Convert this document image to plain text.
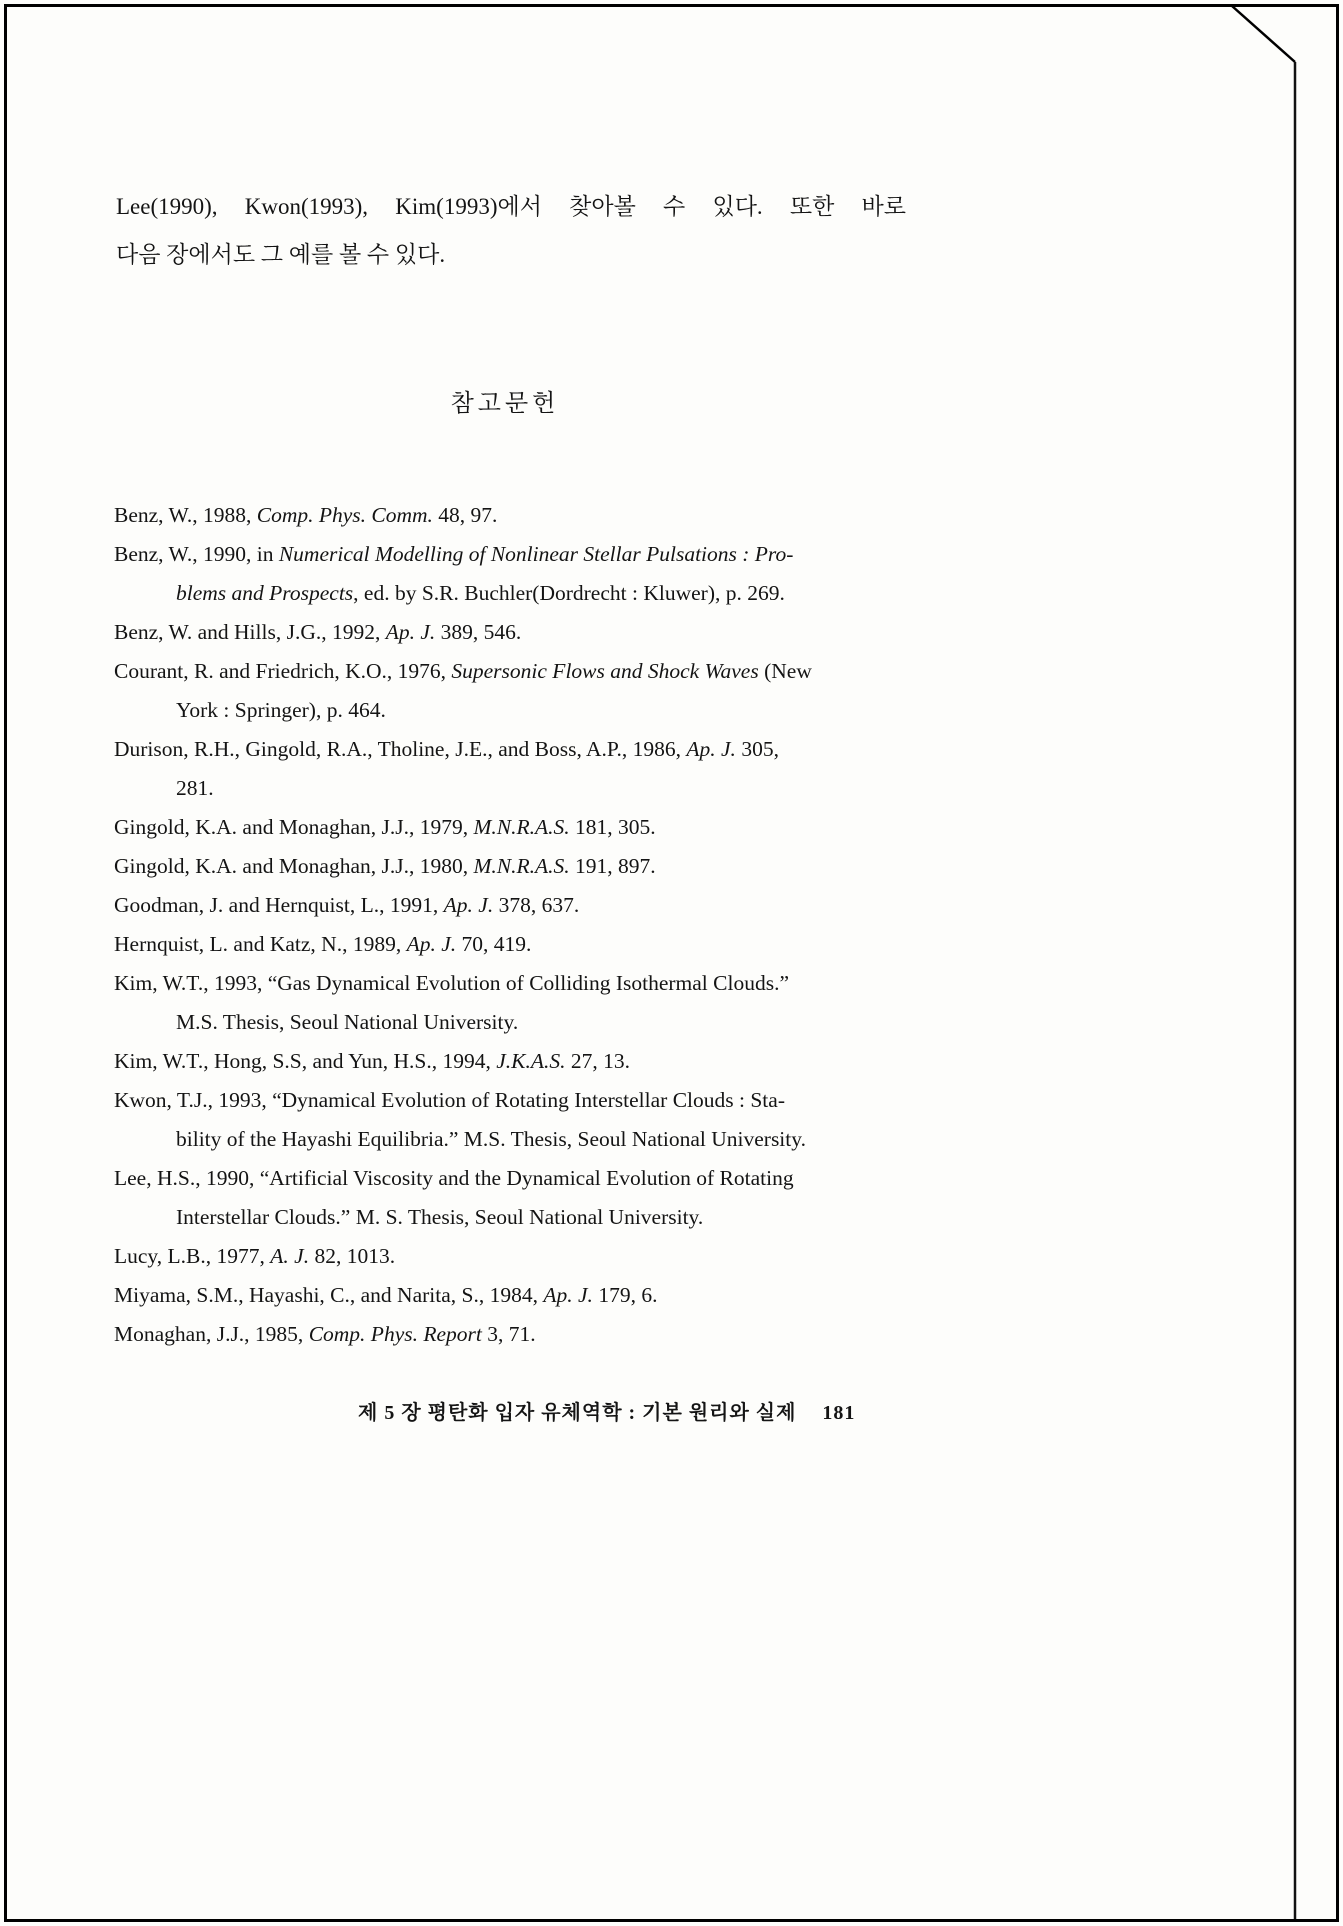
Lee(1990), Kwon(1993), Kim(1993)에서 찾아볼 수 있다. 또한 바로
다음 장에서도 그 예를 볼 수 있다.
참고문헌
Benz, W., 1988, Comp. Phys. Comm. 48, 97.
Benz, W., 1990, in Numerical Modelling of Nonlinear Stellar Pulsations : Pro-
blems and Prospects, ed. by S.R. Buchler(Dordrecht : Kluwer), p. 269.
Benz, W. and Hills, J.G., 1992, Ap. J. 389, 546.
Courant, R. and Friedrich, K.O., 1976, Supersonic Flows and Shock Waves (New
York : Springer), p. 464.
Durison, R.H., Gingold, R.A., Tholine, J.E., and Boss, A.P., 1986, Ap. J. 305,
281.
Gingold, K.A. and Monaghan, J.J., 1979, M.N.R.A.S. 181, 305.
Gingold, K.A. and Monaghan, J.J., 1980, M.N.R.A.S. 191, 897.
Goodman, J. and Hernquist, L., 1991, Ap. J. 378, 637.
Hernquist, L. and Katz, N., 1989, Ap. J. 70, 419.
Kim, W.T., 1993, “Gas Dynamical Evolution of Colliding Isothermal Clouds.”
M.S. Thesis, Seoul National University.
Kim, W.T., Hong, S.S, and Yun, H.S., 1994, J.K.A.S. 27, 13.
Kwon, T.J., 1993, “Dynamical Evolution of Rotating Interstellar Clouds : Sta-
bility of the Hayashi Equilibria.” M.S. Thesis, Seoul National University.
Lee, H.S., 1990, “Artificial Viscosity and the Dynamical Evolution of Rotating
Interstellar Clouds.” M. S. Thesis, Seoul National University.
Lucy, L.B., 1977, A. J. 82, 1013.
Miyama, S.M., Hayashi, C., and Narita, S., 1984, Ap. J. 179, 6.
Monaghan, J.J., 1985, Comp. Phys. Report 3, 71.
제 5 장 평탄화 입자 유체역학 : 기본 원리와 실제 181
